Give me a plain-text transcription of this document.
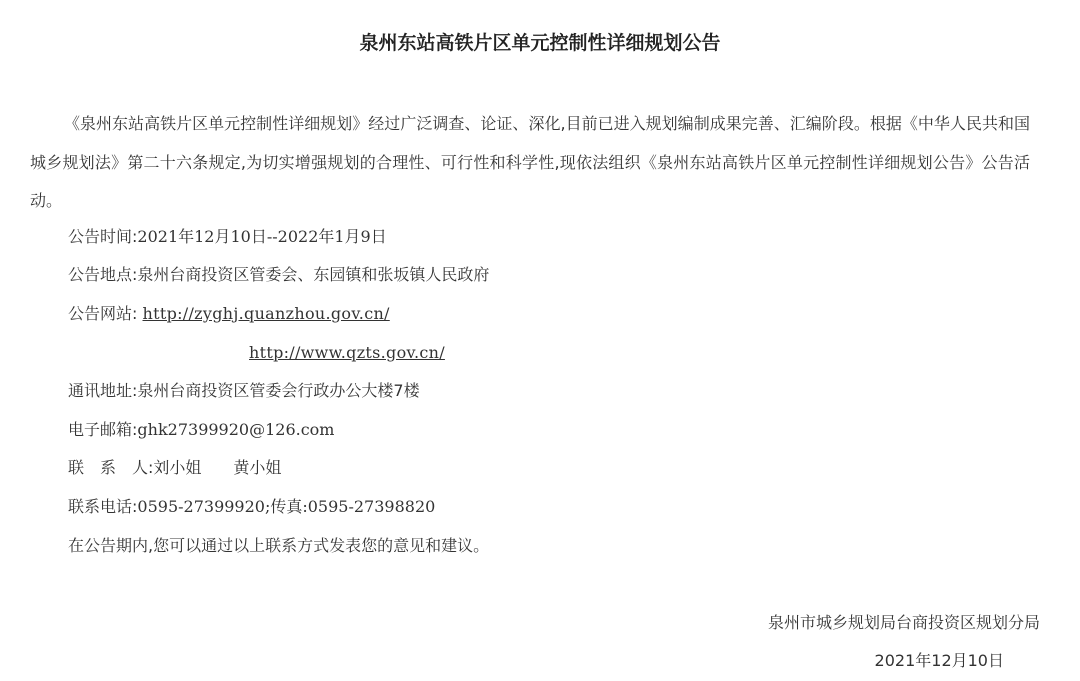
泉州东站高铁片区单元控制性详细规划公告

《泉州东站高铁片区单元控制性详细规划》经过广泛调查、论证、深化,目前已进入规划编制成果完善、汇编阶段。根据《中华人民共和国城乡规划法》第二十六条规定,为切实增强规划的合理性、可行性和科学性,现依法组织《泉州东站高铁片区单元控制性详细规划公告》公告活动。

公告时间:2021年12月10日--2022年1月9日
公告地点:泉州台商投资区管委会、东园镇和张坂镇人民政府
公告网站: http://zyghj.quanzhou.gov.cn/
http://www.qzts.gov.cn/
通讯地址:泉州台商投资区管委会行政办公大楼7楼
电子邮箱:ghk27399920@126.com
联　系　人:刘小姐　　黄小姐
联系电话:0595-27399920;传真:0595-27398820
在公告期内,您可以通过以上联系方式发表您的意见和建议。
泉州市城乡规划局台商投资区规划分局
2021年12月10日
